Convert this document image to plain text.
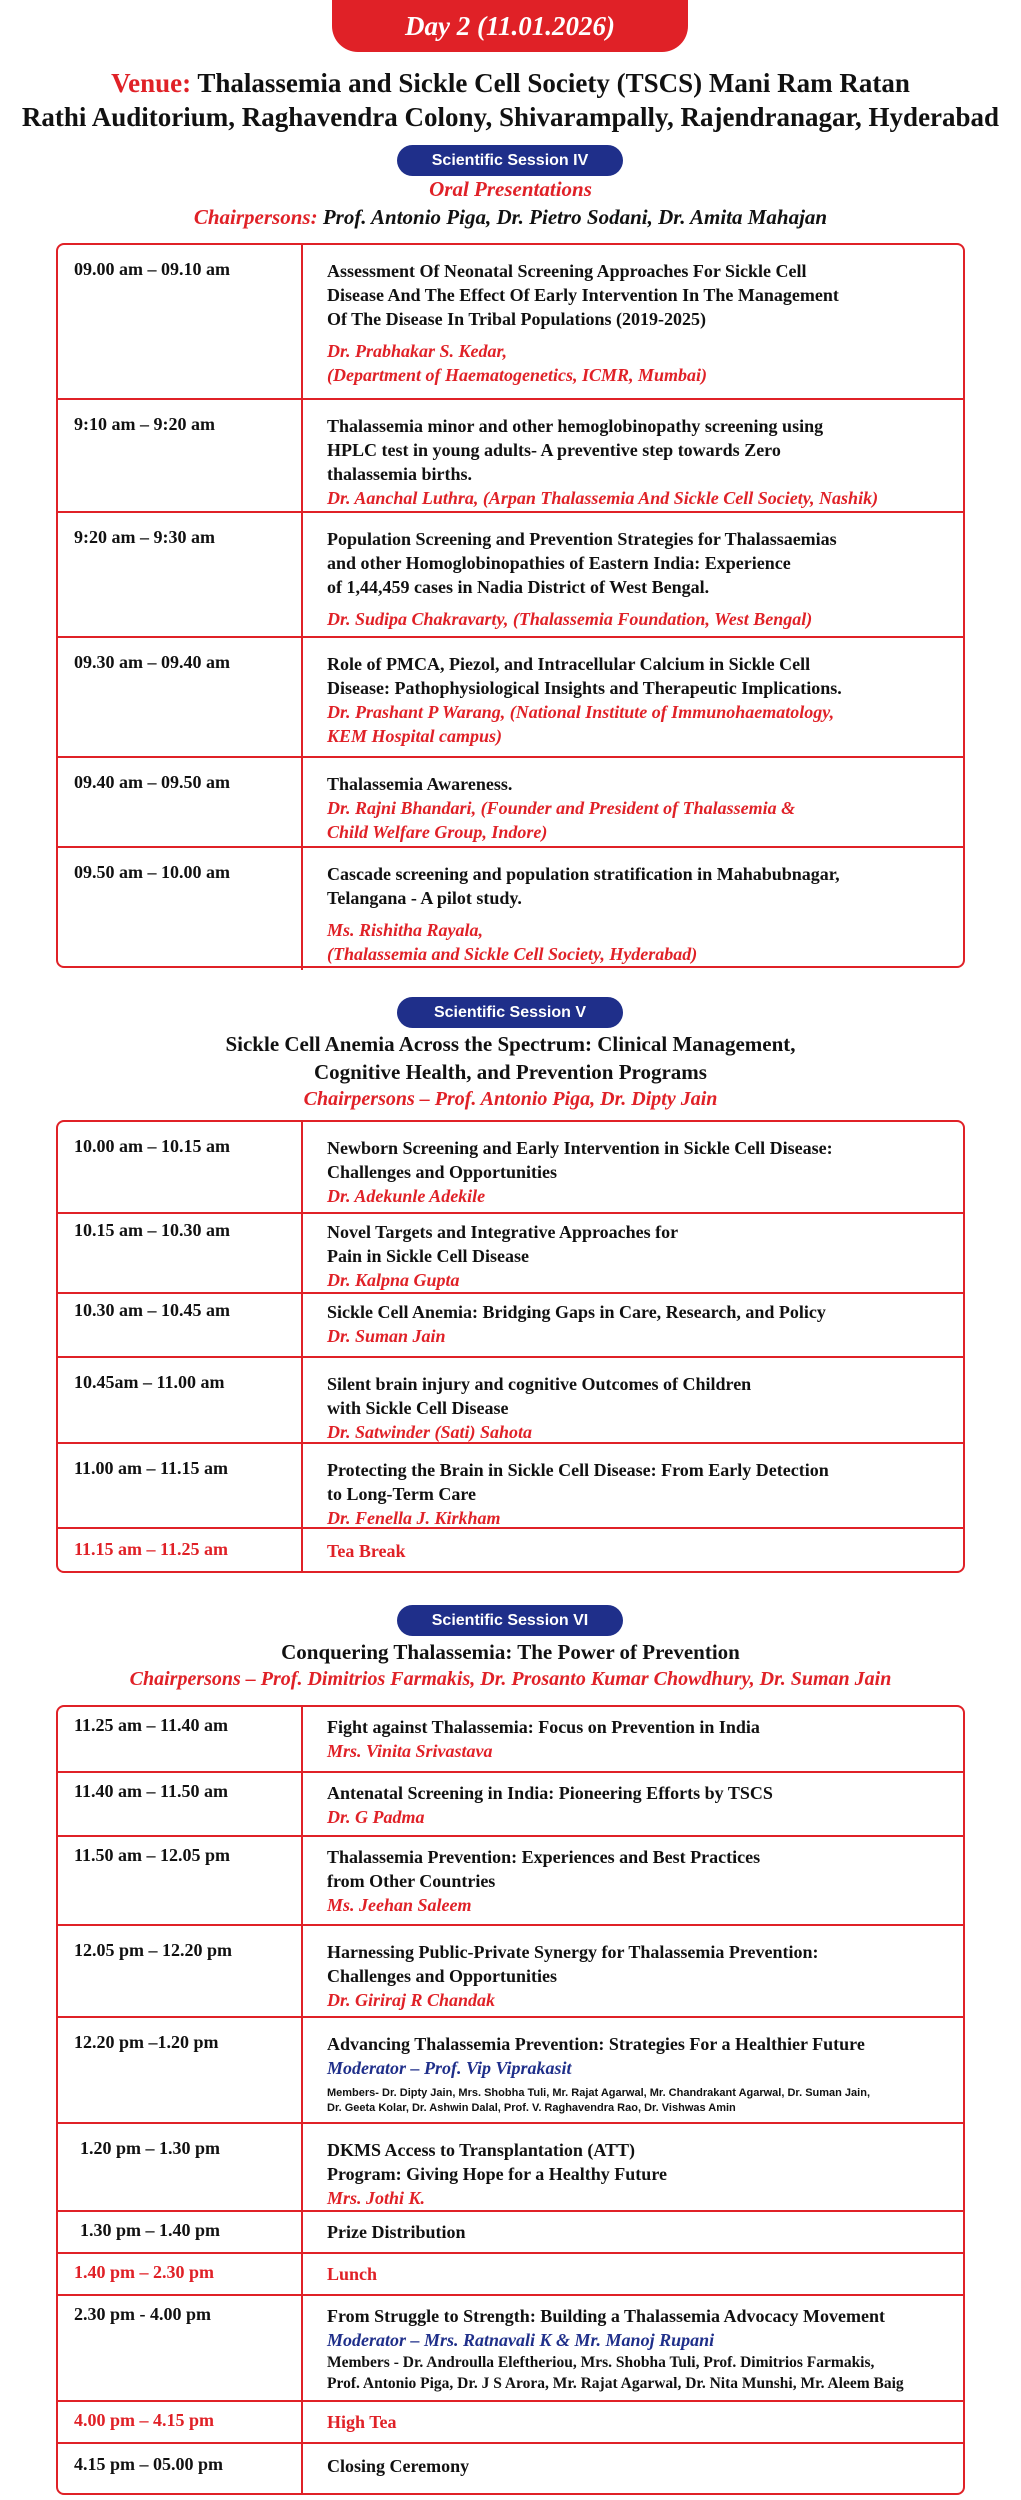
Day 2 (11.01.2026)
Venue: Thalassemia and Sickle Cell Society (TSCS) Mani Ram Ratan
Rathi Auditorium, Raghavendra Colony, Shivarampally, Rajendranagar, Hyderabad
Scientific Session IV
Oral Presentations
Chairpersons: Prof. Antonio Piga, Dr. Pietro Sodani, Dr. Amita Mahajan
09.00 am – 09.10 am	Assessment Of Neonatal Screening Approaches For Sickle Cell
Disease And The Effect Of Early Intervention In The Management
Of The Disease In Tribal Populations (2019-2025)
Dr. Prabhakar S. Kedar,
(Department of Haematogenetics, ICMR, Mumbai)
9:10 am – 9:20 am	Thalassemia minor and other hemoglobinopathy screening using
HPLC test in young adults- A preventive step towards Zero
thalassemia births.
Dr. Aanchal Luthra, (Arpan Thalassemia And Sickle Cell Society, Nashik)
9:20 am – 9:30 am	Population Screening and Prevention Strategies for Thalassaemias
and other Homoglobinopathies of Eastern India: Experience
of 1,44,459 cases in Nadia District of West Bengal.
Dr. Sudipa Chakravarty, (Thalassemia Foundation, West Bengal)
09.30 am – 09.40 am	Role of PMCA, Piezol, and Intracellular Calcium in Sickle Cell
Disease: Pathophysiological Insights and Therapeutic Implications.
Dr. Prashant P Warang, (National Institute of Immunohaematology,
KEM Hospital campus)
09.40 am – 09.50 am	Thalassemia Awareness.
Dr. Rajni Bhandari, (Founder and President of Thalassemia &
Child Welfare Group, Indore)
09.50 am – 10.00 am	Cascade screening and population stratification in Mahabubnagar,
Telangana - A pilot study.
Ms. Rishitha Rayala,
(Thalassemia and Sickle Cell Society, Hyderabad)
Scientific Session V
Sickle Cell Anemia Across the Spectrum: Clinical Management,
Cognitive Health, and Prevention Programs
Chairpersons – Prof. Antonio Piga, Dr. Dipty Jain
10.00 am – 10.15 am	Newborn Screening and Early Intervention in Sickle Cell Disease:
Challenges and Opportunities
Dr. Adekunle Adekile
10.15 am – 10.30 am	Novel Targets and Integrative Approaches for
Pain in Sickle Cell Disease
Dr. Kalpna Gupta
10.30 am – 10.45 am	Sickle Cell Anemia: Bridging Gaps in Care, Research, and Policy
Dr. Suman Jain
10.45am – 11.00 am	Silent brain injury and cognitive Outcomes of Children
with Sickle Cell Disease
Dr. Satwinder (Sati) Sahota
11.00 am – 11.15 am	Protecting the Brain in Sickle Cell Disease: From Early Detection
to Long-Term Care
Dr. Fenella J. Kirkham
11.15 am – 11.25 am	Tea Break
Scientific Session VI
Conquering Thalassemia: The Power of Prevention
Chairpersons – Prof. Dimitrios Farmakis, Dr. Prosanto Kumar Chowdhury, Dr. Suman Jain
11.25 am – 11.40 am	Fight against Thalassemia: Focus on Prevention in India
Mrs. Vinita Srivastava
11.40 am – 11.50 am	Antenatal Screening in India: Pioneering Efforts by TSCS
Dr. G Padma
11.50 am – 12.05 pm	Thalassemia Prevention: Experiences and Best Practices
from Other Countries
Ms. Jeehan Saleem
12.05 pm – 12.20 pm	Harnessing Public-Private Synergy for Thalassemia Prevention:
Challenges and Opportunities
Dr. Giriraj R Chandak
12.20 pm –1.20 pm	Advancing Thalassemia Prevention: Strategies For a Healthier Future
Moderator – Prof. Vip Viprakasit
Members- Dr. Dipty Jain, Mrs. Shobha Tuli, Mr. Rajat Agarwal, Mr. Chandrakant Agarwal, Dr. Suman Jain,
Dr. Geeta Kolar, Dr. Ashwin Dalal, Prof. V. Raghavendra Rao, Dr. Vishwas Amin
1.20 pm – 1.30 pm	DKMS Access to Transplantation (ATT)
Program: Giving Hope for a Healthy Future
Mrs. Jothi K.
1.30 pm – 1.40 pm	Prize Distribution
1.40 pm – 2.30 pm	Lunch
2.30 pm - 4.00 pm	From Struggle to Strength: Building a Thalassemia Advocacy Movement
Moderator – Mrs. Ratnavali K & Mr. Manoj Rupani
Members - Dr. Androulla Eleftheriou, Mrs. Shobha Tuli, Prof. Dimitrios Farmakis,
Prof. Antonio Piga, Dr. J S Arora, Mr. Rajat Agarwal, Dr. Nita Munshi, Mr. Aleem Baig
4.00 pm – 4.15 pm	High Tea
4.15 pm – 05.00 pm	Closing Ceremony
